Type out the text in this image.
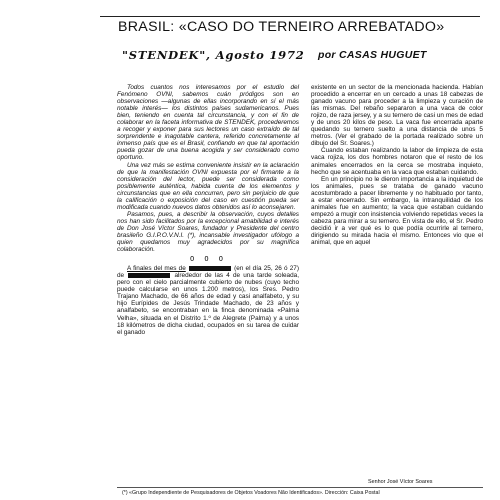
BRASIL: «CASO DO TERNEIRO ARREBATADO»
"STENDEK", Agosto 1972 por CASAS HUGUET

Todos cuantos nos interesamos por el estudio del Fenómeno OVNI, sabemos cuán pródigos son en observaciones —algunas de ellas incorporando en sí el más notable interés— los distintos países sudamericanos. Pues bien, teniendo en cuenta tal circunstancia, y con el fin de colaborar en la faceta informativa de STENDEK, procederemos a recoger y exponer para sus lectores un caso extraído de tal sorprendente e inagotable cantera, referido concretamente al inmenso país que es el Brasil, confiando en que tal aportación pueda gozar de una buena acogida y ser considerado como oportuno.

Una vez más se estima conveniente insistir en la aclaración de que la manifestación OVNI expuesta por el firmante a la consideración del lector, puede ser considerada como posiblemente auténtica, habida cuenta de los elementos y circunstancias que en ella concurren, pero sin perjuicio de que la calificación o exposición del caso en cuestión pueda ser modificada cuando nuevos datos obtenidos así lo aconsejaren.

Pasamos, pues, a describir la observación, cuyos detalles nos han sido facilitados por la excepcional amabilidad e interés de Don José Víctor Soares, fundador y Presidente del centro brasileño G.I.P.O.V.N.I. (*), incansable investigador ufólogo a quien quedamos muy agradecidos por su magnífica colaboración.

O O O

A finales del mes de	(en el día 25, 26 ó 27) de	alrededor de las 4 de una tarde soleada, pero con el cielo parcialmente cubierto de nubes (cuyo techo puede calcularse en unos 1.200 metros), los Sres. Pedro Trajano Machado, de 66 años de edad y casi analfabeto, y su hijo Eurípides de Jesús Trindade Machado, de 23 años y analfabeto, se encontraban en la finca denominada «Palma Velha», situada en el Distrito 1.º de Alegrete (Palma) y a unos 18 kilómetros de dicha ciudad, ocupados en su tarea de cuidar el ganado

existente en un sector de la mencionada hacienda. Habían procedido a encerrar en un cercado a unas 18 cabezas de ganado vacuno para proceder a la limpieza y curación de las mismas. Del rebaño separaron a una vaca de color rojizo, de raza jersey, y a su ternero de casi un mes de edad y de unos 20 kilos de peso. La vaca fue encerrada aparte quedando su ternero suelto a una distancia de unos 5 metros. (Ver el grabado de la portada realizado sobre un dibujo del Sr. Soares.)

Cuando estaban realizando la labor de limpieza de esta vaca rojiza, los dos hombres notaron que el resto de los animales encerrados en la cerca se mostraba inquieto, hecho que se acentuaba en la vaca que estaban cuidando.

En un principio no le dieron importancia a la inquietud de los animales, pues se trataba de ganado vacuno acostumbrado a pacer libremente y no habituado por tanto, a estar encerrado. Sin embargo, la intranquilidad de los animales fue en aumento; la vaca que estaban cuidando empezó a mugir con insistencia volviendo repetidas veces la cabeza para mirar a su ternero. En vista de ello, el Sr. Pedro decidió ir a ver qué es lo que podía ocurrirle al ternero, dirigiendo su mirada hacia el mismo. Entonces vio que el animal, que en aquel

Senhor José Víctor Soares
(*) «Grupo Independiente de Pesquisadores de Objetos Voadores Não Identificados». Dirección: Caixa Postal
